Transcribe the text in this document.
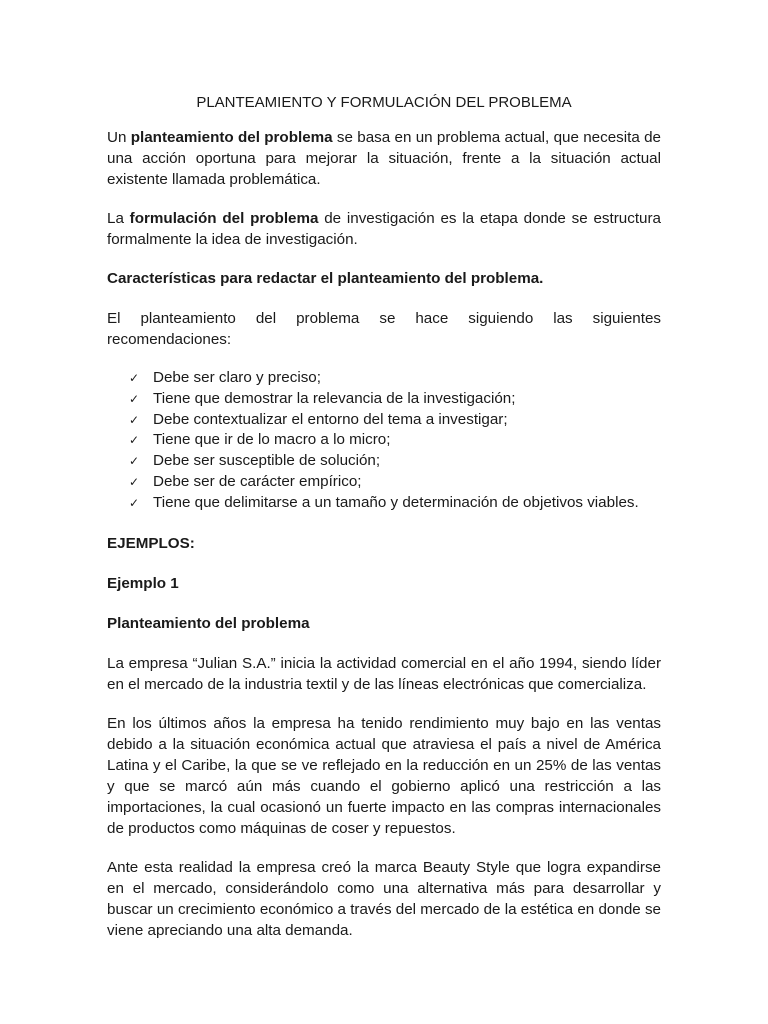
PLANTEAMIENTO Y FORMULACIÓN DEL PROBLEMA

Un planteamiento del problema se basa en un problema actual, que necesita de una acción oportuna para mejorar la situación, frente a la situación actual existente llamada problemática.

La formulación del problema de investigación es la etapa donde se estructura formalmente la idea de investigación.

Características para redactar el planteamiento del problema.

El planteamiento del problema se hace siguiendo las siguientes recomendaciones:

✓ Debe ser claro y preciso;
✓ Tiene que demostrar la relevancia de la investigación;
✓ Debe contextualizar el entorno del tema a investigar;
✓ Tiene que ir de lo macro a lo micro;
✓ Debe ser susceptible de solución;
✓ Debe ser de carácter empírico;
✓ Tiene que delimitarse a un tamaño y determinación de objetivos viables.

EJEMPLOS:

Ejemplo 1

Planteamiento del problema

La empresa “Julian S.A.” inicia la actividad comercial en el año 1994, siendo líder en el mercado de la industria textil y de las líneas electrónicas que comercializa.

En los últimos años la empresa ha tenido rendimiento muy bajo en las ventas debido a la situación económica actual que atraviesa el país a nivel de América Latina y el Caribe, la que se ve reflejado en la reducción en un 25% de las ventas y que se marcó aún más cuando el gobierno aplicó una restricción a las importaciones, la cual ocasionó un fuerte impacto en las compras internacionales de productos como máquinas de coser y repuestos.

Ante esta realidad la empresa creó la marca Beauty Style que logra expandirse en el mercado, considerándolo como una alternativa más para desarrollar y buscar un crecimiento económico a través del mercado de la estética en donde se viene apreciando una alta demanda.
